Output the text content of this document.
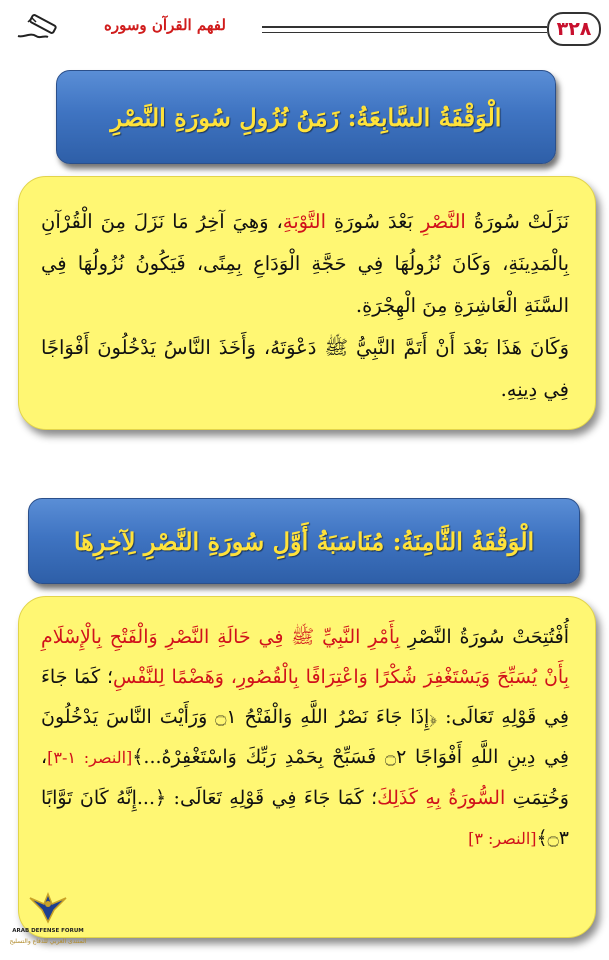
لفهم القرآن وسوره	٣٢٨
الْوَقْفَةُ السَّابِعَةُ: زَمَنُ نُزُولِ سُورَةِ النَّصْرِ

نَزَلَتْ سُورَةُ النَّصْرِ بَعْدَ سُورَةِ التَّوْبَةِ، وَهِيَ آخِرُ مَا نَزَلَ مِنَ الْقُرْآنِ بِالْمَدِينَةِ، وَكَانَ نُزُولُهَا فِي حَجَّةِ الْوَدَاعِ بِمِنًى، فَيَكُونُ نُزُولُهَا فِي السَّنَةِ الْعَاشِرَةِ مِنَ الْهِجْرَةِ.

وَكَانَ هَذَا بَعْدَ أَنْ أَتَمَّ النَّبِيُّ ﷺ دَعْوَتَهُ، وَأَخَذَ النَّاسُ يَدْخُلُونَ أَفْوَاجًا فِي دِينِهِ.

الْوَقْفَةُ الثَّامِنَةُ: مُنَاسَبَةُ أَوَّلِ سُورَةِ النَّصْرِ لِآخِرِهَا

أُفْتُتِحَتْ سُورَةُ النَّصْرِ بِأَمْرِ النَّبِيِّ ﷺ فِي حَالَةِ النَّصْرِ وَالْفَتْحِ بِالْإِسْلَامِ بِأَنْ يُسَبِّحَ وَيَسْتَغْفِرَ شُكْرًا وَاعْتِرَافًا بِالْقُصُورِ، وَهَضْمًا لِلنَّفْسِ؛ كَمَا جَاءَ فِي قَوْلِهِ تَعَالَى: ﴿إِذَا جَاءَ نَصْرُ اللَّهِ وَالْفَتْحُ ۝١ وَرَأَيْتَ النَّاسَ يَدْخُلُونَ فِي دِينِ اللَّهِ أَفْوَاجًا ۝٢ فَسَبِّحْ بِحَمْدِ رَبِّكَ وَاسْتَغْفِرْهُ...﴾[النصر: ١-٣]، وَخُتِمَتِ السُّورَةُ بِهِ كَذَلِكَ؛ كَمَا جَاءَ فِي قَوْلِهِ تَعَالَى: ﴿...إِنَّهُ كَانَ تَوَّابًا ۝٣﴾[النصر: ٣]

ARAB DEFENSE FORUM
المنتدى العربي للدفاع والتسليح
